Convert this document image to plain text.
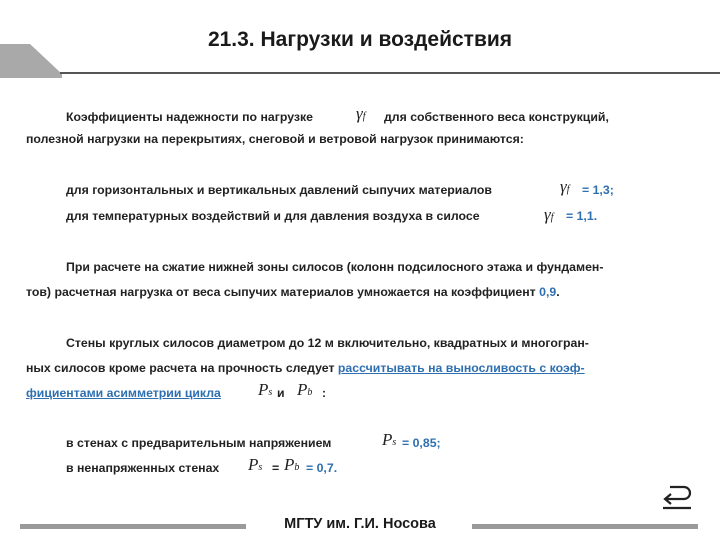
21.3. Нагрузки и воздействия
Коэффициенты надежности по нагрузке	γf для собственного веса конструкций,
полезной нагрузки на перекрытиях, снеговой и ветровой нагрузок принимаются:
для горизонтальных и вертикальных давлений сыпучих материалов	γf = 1,3;
для температурных воздействий и для давления воздуха в силосе	γf = 1,1.
При расчете на сжатие нижней зоны силосов (колонн подсилосного этажа и фундамен-
тов) расчетная нагрузка от веса сыпучих материалов умножается на коэффициент 0,9.
Стены круглых силосов диаметром до 12 м включительно, квадратных и многогран-
ных силосов кроме расчета на прочность следует рассчитывать на выносливость с коэф-
фициентами асимметрии цикла Ps и Pb :
в стенах с предварительным напряжением	Ps = 0,85;
в ненапряженных стенах Ps = Pb = 0,7.
МГТУ им. Г.И. Носова
